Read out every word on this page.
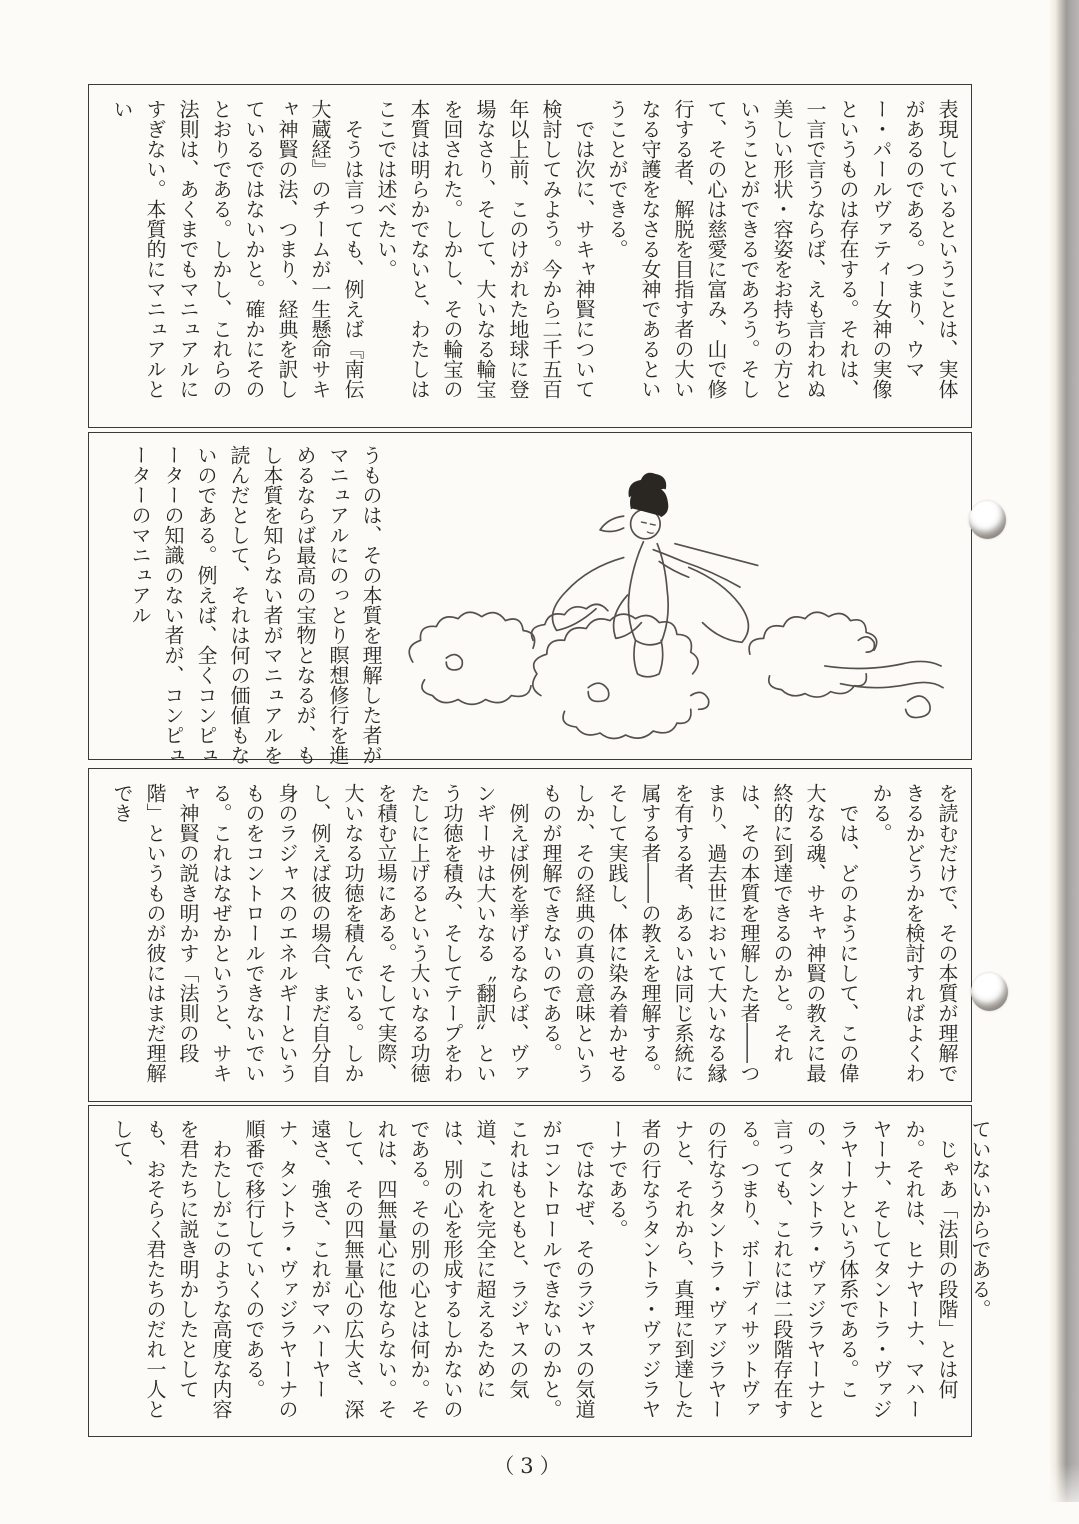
表現しているということは、実体があるのである。つまり、ウマー・パールヴァティー女神の実像というものは存在する。それは、一言で言うならば、えも言われぬ美しい形状・容姿をお持ちの方ということができるであろう。そして、その心は慈愛に富み、山で修行する者、解脱を目指す者の大いなる守護をなさる女神であるということができる。

では次に、サキャ神賢について検討してみよう。今から二千五百年以上前、このけがれた地球に登場なさり、そして、大いなる輪宝を回された。しかし、その輪宝の本質は明らかでないと、わたしはここでは述べたい。

そうは言っても、例えば『南伝大蔵経』のチームが一生懸命サキャ神賢の法、つまり、経典を訳しているではないかと。確かにそのとおりである。しかし、これらの法則は、あくまでもマニュアルにすぎない。本質的にマニュアルとい

うものは、その本質を理解した者がマニュアルにのっとり瞑想修行を進めるならば最高の宝物となるが、もし本質を知らない者がマニュアルを読んだとして、それは何の価値もないのである。例えば、全くコンピューターの知識のない者が、コンピューターのマニュアル

を読むだけで、その本質が理解できるかどうかを検討すればよくわかる。

では、どのようにして、この偉大なる魂、サキャ神賢の教えに最終的に到達できるのかと。それは、その本質を理解した者――つまり、過去世において大いなる縁を有する者、あるいは同じ系統に属する者――の教えを理解する。そして実践し、体に染み着かせるしか、その経典の真の意味というものが理解できないのである。

例えば例を挙げるならば、ヴァンギーサは大いなる〝翻訳〟という功徳を積み、そしてテープをわたしに上げるという大いなる功徳を積む立場にある。そして実際、大いなる功徳を積んでいる。しかし、例えば彼の場合、まだ自分自身のラジャスのエネルギーというものをコントロールできないでいる。これはなぜかというと、サキャ神賢の説き明かす「法則の段階」というものが彼にはまだ理解でき

ていないからである。

じゃあ「法則の段階」とは何か。それは、ヒナヤーナ、マハーヤーナ、そしてタントラ・ヴァジラヤーナという体系である。この、タントラ・ヴァジラヤーナと言っても、これには二段階存在する。つまり、ボーディサットヴァの行なうタントラ・ヴァジラヤーナと、それから、真理に到達した者の行なうタントラ・ヴァジラヤーナである。

ではなぜ、そのラジャスの気道がコントロールできないのかと。これはもともと、ラジャスの気道、これを完全に超えるためには、別の心を形成するしかないのである。その別の心とは何か。それは、四無量心に他ならない。そして、その四無量心の広大さ、深遠さ、強さ、これがマハーヤーナ、タントラ・ヴァジラヤーナの順番で移行していくのである。

わたしがこのような高度な内容を君たちに説き明かしたとしても、おそらく君たちのだれ一人として、

（3）
